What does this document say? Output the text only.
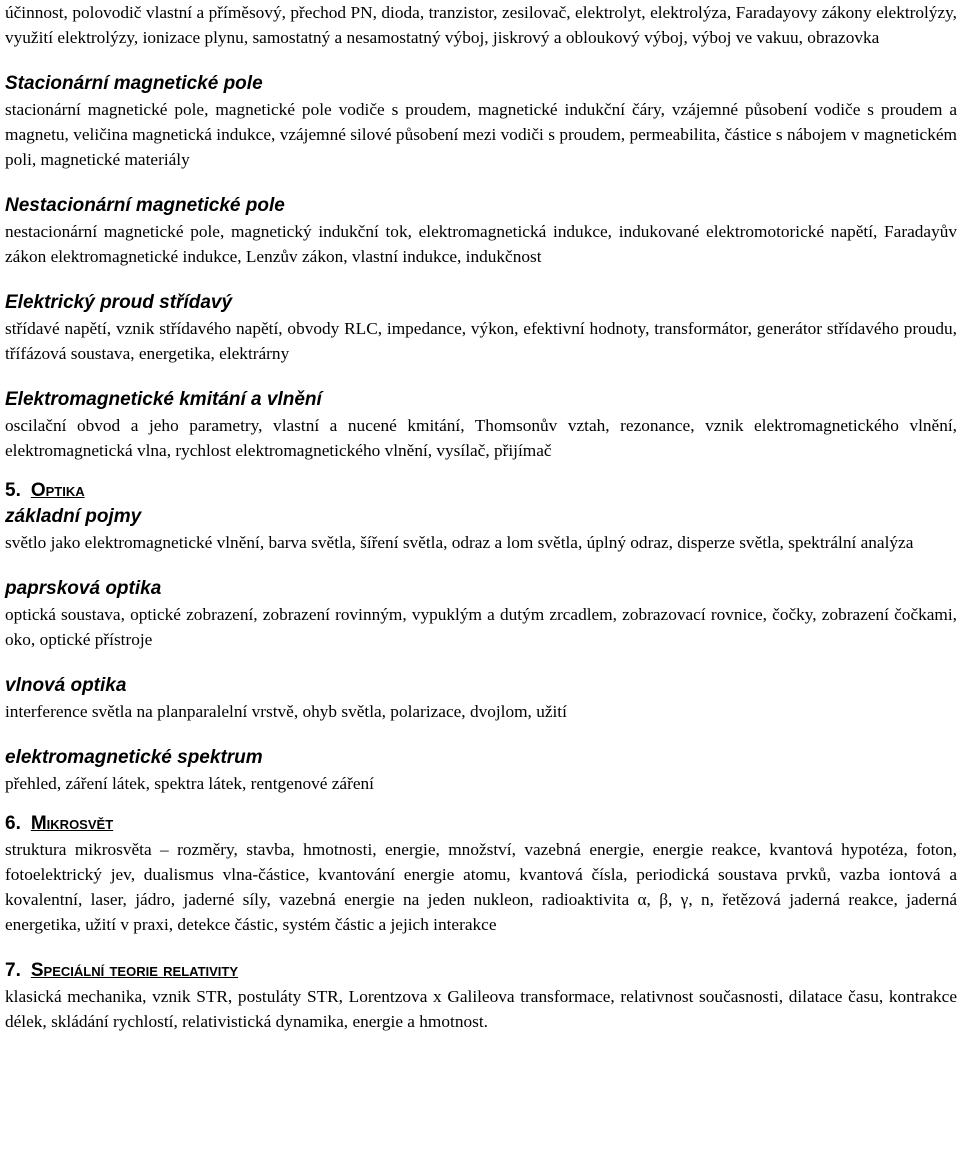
účinnost, polovodič vlastní a příměsový, přechod PN, dioda, tranzistor, zesilovač, elektrolyt, elektrolýza, Faradayovy zákony elektrolýzy, využití elektrolýzy, ionizace plynu, samostatný a nesamostatný výboj, jiskrový a obloukový výboj, výboj ve vakuu, obrazovka

Stacionární magnetické pole

stacionární magnetické pole, magnetické pole vodiče s proudem, magnetické indukční čáry, vzájemné působení vodiče s proudem a magnetu, veličina magnetická indukce, vzájemné silové působení mezi vodiči s proudem, permeabilita, částice s nábojem v magnetickém poli, magnetické materiály

Nestacionární magnetické pole

nestacionární magnetické pole, magnetický indukční tok, elektromagnetická indukce, indukované elektromotorické napětí, Faradayův zákon elektromagnetické indukce, Lenzův zákon, vlastní indukce, indukčnost

Elektrický proud střídavý

střídavé napětí, vznik střídavého napětí, obvody RLC, impedance, výkon, efektivní hodnoty, transformátor, generátor střídavého proudu, třífázová soustava, energetika, elektrárny

Elektromagnetické kmitání a vlnění

oscilační obvod a jeho parametry, vlastní a nucené kmitání, Thomsonův vztah, rezonance, vznik elektromagnetického vlnění, elektromagnetická vlna, rychlost elektromagnetického vlnění, vysílač, přijímač

5. Optika
základní pojmy

světlo jako elektromagnetické vlnění, barva světla, šíření světla, odraz a lom světla, úplný odraz, disperze světla, spektrální analýza

paprsková optika

optická soustava, optické zobrazení, zobrazení rovinným, vypuklým a dutým zrcadlem, zobrazovací rovnice, čočky, zobrazení čočkami, oko, optické přístroje

vlnová optika

interference světla na planparalelní vrstvě, ohyb světla, polarizace, dvojlom, užití

elektromagnetické spektrum

přehled, záření látek, spektra látek, rentgenové záření

6. Mikrosvět

struktura mikrosvěta – rozměry, stavba, hmotnosti, energie, množství, vazebná energie, energie reakce, kvantová hypotéza, foton, fotoelektrický jev, dualismus vlna-částice, kvantování energie atomu, kvantová čísla, periodická soustava prvků, vazba iontová a kovalentní, laser, jádro, jaderné síly, vazebná energie na jeden nukleon, radioaktivita α, β, γ, n, řetězová jaderná reakce, jaderná energetika, užití v praxi, detekce částic, systém částic a jejich interakce

7. Speciální teorie relativity

klasická mechanika, vznik STR, postuláty STR, Lorentzova x Galileova transformace, relativnost současnosti, dilatace času, kontrakce délek, skládání rychlostí, relativistická dynamika, energie a hmotnost.
